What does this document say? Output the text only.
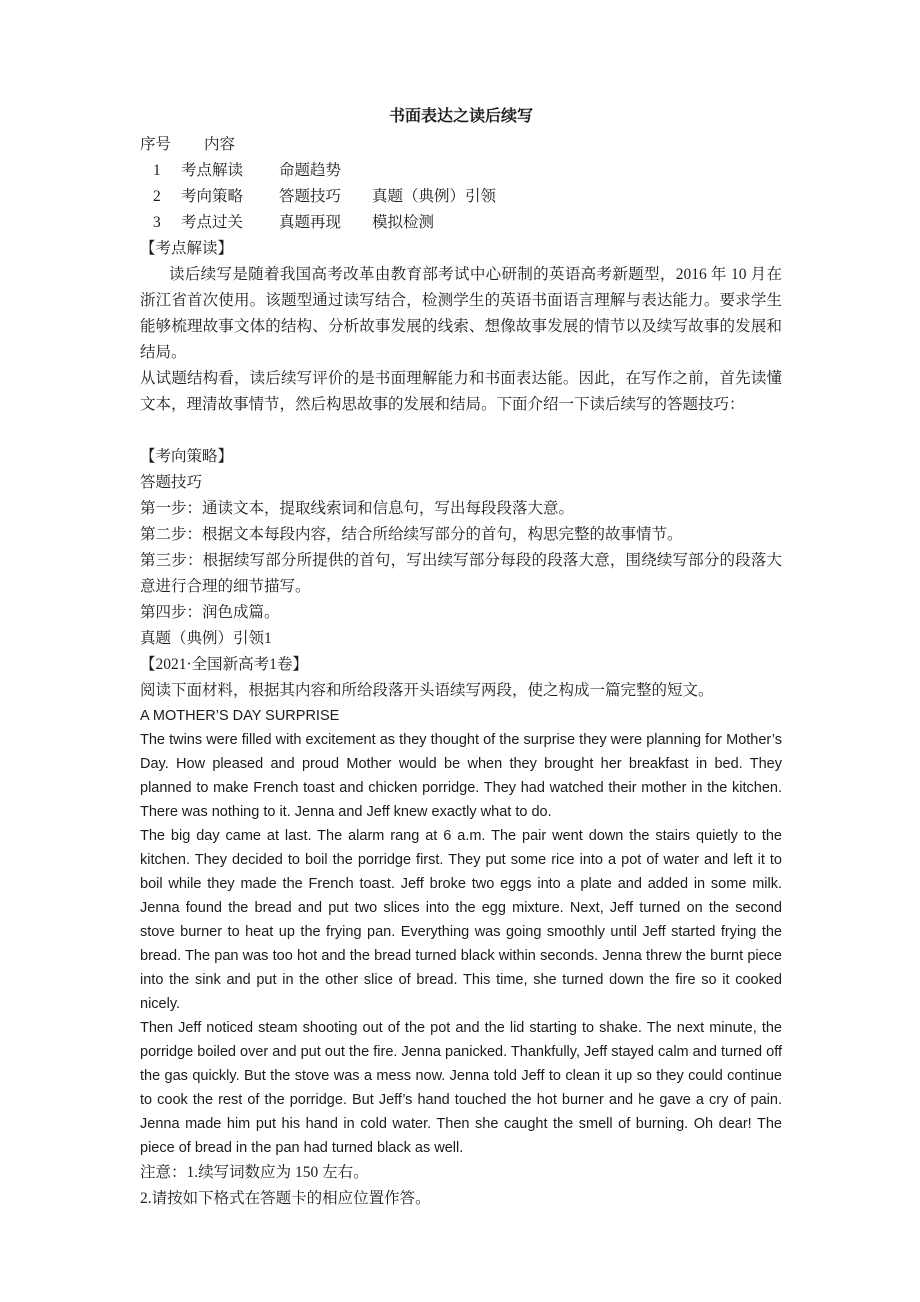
书面表达之读后续写
序号 内容
1 考点解读 命题趋势
2 考向策略 答题技巧 真题（典例）引领
3 考点过关 真题再现 模拟检测
【考点解读】

读后续写是随着我国高考改革由教育部考试中心研制的英语高考新题型，2016 年 10 月在浙江省首次使用。该题型通过读写结合，检测学生的英语书面语言理解与表达能力。要求学生能够梳理故事文体的结构、分析故事发展的线索、想像故事发展的情节以及续写故事的发展和结局。

从试题结构看，读后续写评价的是书面理解能力和书面表达能。因此，在写作之前，首先读懂文本，理清故事情节，然后构思故事的发展和结局。下面介绍一下读后续写的答题技巧：

【考向策略】
答题技巧

第一步：通读文本，提取线索词和信息句，写出每段段落大意。

第二步：根据文本每段内容，结合所给续写部分的首句，构思完整的故事情节。

第三步：根据续写部分所提供的首句，写出续写部分每段的段落大意，围绕续写部分的段落大意进行合理的细节描写。

第四步：润色成篇。

真题（典例）引领1
【2021·全国新高考1卷】

阅读下面材料，根据其内容和所给段落开头语续写两段，使之构成一篇完整的短文。

A MOTHER’S DAY SURPRISE

The twins were filled with excitement as they thought of the surprise they were planning for Mother’s Day. How pleased and proud Mother would be when they brought her breakfast in bed. They planned to make French toast and chicken porridge. They had watched their mother in the kitchen. There was nothing to it. Jenna and Jeff knew exactly what to do.

The big day came at last. The alarm rang at 6 a.m. The pair went down the stairs quietly to the kitchen. They decided to boil the porridge first. They put some rice into a pot of water and left it to boil while they made the French toast. Jeff broke two eggs into a plate and added in some milk. Jenna found the bread and put two slices into the egg mixture. Next, Jeff turned on the second stove burner to heat up the frying pan. Everything was going smoothly until Jeff started frying the bread. The pan was too hot and the bread turned black within seconds. Jenna threw the burnt piece into the sink and put in the other slice of bread. This time, she turned down the fire so it cooked nicely.

Then Jeff noticed steam shooting out of the pot and the lid starting to shake. The next minute, the porridge boiled over and put out the fire. Jenna panicked. Thankfully, Jeff stayed calm and turned off the gas quickly. But the stove was a mess now. Jenna told Jeff to clean it up so they could continue to cook the rest of the porridge. But Jeff’s hand touched the hot burner and he gave a cry of pain. Jenna made him put his hand in cold water. Then she caught the smell of burning. Oh dear! The piece of bread in the pan had turned black as well.

注意：1.续写词数应为 150 左右。
2.请按如下格式在答题卡的相应位置作答。
